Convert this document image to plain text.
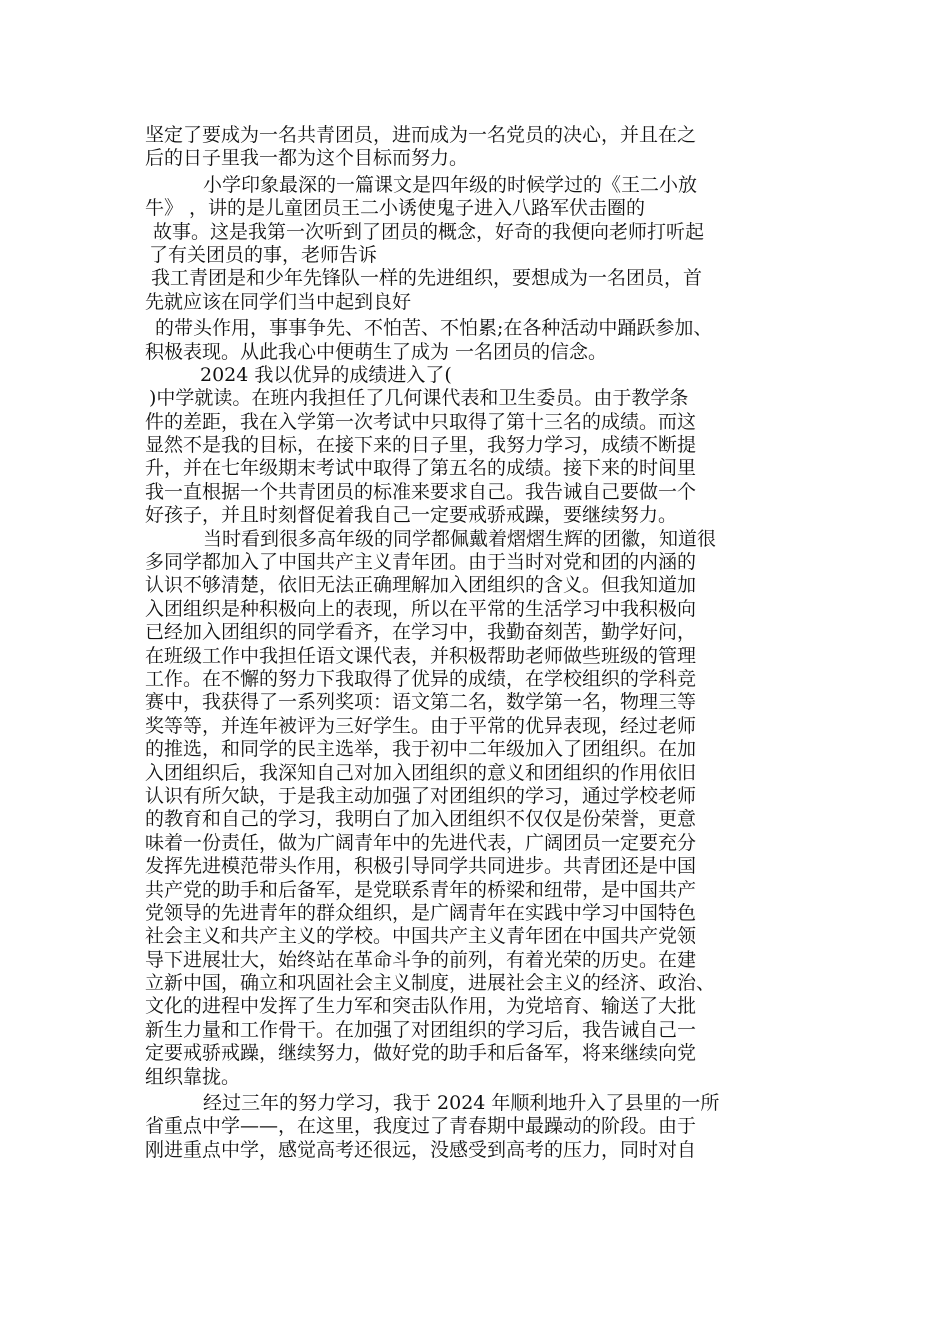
坚定了要成为一名共青团员，进而成为一名党员的决心，并且在之
后的日子里我一都为这个目标而努力。
小学印象最深的一篇课文是四年级的时候学过的《王二小放
牛》 ，讲的是儿童团员王二小诱使鬼子进入八路军伏击圈的
故事。这是我第一次听到了团员的概念，好奇的我便向老师打听起
了有关团员的事，老师告诉
我工青团是和少年先锋队一样的先进组织，要想成为一名团员，首
先就应该在同学们当中起到良好
的带头作用，事事争先、不怕苦、不怕累;在各种活动中踊跃参加、
积极表现。从此我心中便萌生了成为 一名团员的信念。
2024 我以优异的成绩进入了(
)中学就读。在班内我担任了几何课代表和卫生委员。由于教学条
件的差距，我在入学第一次考试中只取得了第十三名的成绩。而这
显然不是我的目标，在接下来的日子里，我努力学习，成绩不断提
升，并在七年级期末考试中取得了第五名的成绩。接下来的时间里
我一直根据一个共青团员的标准来要求自己。我告诫自己要做一个
好孩子，并且时刻督促着我自己一定要戒骄戒躁，要继续努力。
当时看到很多高年级的同学都佩戴着熠熠生辉的团徽，知道很
多同学都加入了中国共产主义青年团。由于当时对党和团的内涵的
认识不够清楚，依旧无法正确理解加入团组织的含义。但我知道加
入团组织是种积极向上的表现，所以在平常的生活学习中我积极向
已经加入团组织的同学看齐，在学习中，我勤奋刻苦，勤学好问，
在班级工作中我担任语文课代表，并积极帮助老师做些班级的管理
工作。在不懈的努力下我取得了优异的成绩，在学校组织的学科竞
赛中，我获得了一系列奖项：语文第二名，数学第一名，物理三等
奖等等，并连年被评为三好学生。由于平常的优异表现，经过老师
的推选，和同学的民主选举，我于初中二年级加入了团组织。在加
入团组织后，我深知自己对加入团组织的意义和团组织的作用依旧
认识有所欠缺，于是我主动加强了对团组织的学习，通过学校老师
的教育和自己的学习，我明白了加入团组织不仅仅是份荣誉，更意
味着一份责任，做为广阔青年中的先进代表，广阔团员一定要充分
发挥先进模范带头作用，积极引导同学共同进步。共青团还是中国
共产党的助手和后备军，是党联系青年的桥梁和纽带，是中国共产
党领导的先进青年的群众组织，是广阔青年在实践中学习中国特色
社会主义和共产主义的学校。中国共产主义青年团在中国共产党领
导下进展壮大，始终站在革命斗争的前列，有着光荣的历史。在建
立新中国，确立和巩固社会主义制度，进展社会主义的经济、政治、
文化的进程中发挥了生力军和突击队作用，为党培育、输送了大批
新生力量和工作骨干。在加强了对团组织的学习后，我告诫自己一
定要戒骄戒躁，继续努力，做好党的助手和后备军，将来继续向党
组织靠拢。
经过三年的努力学习，我于 2024 年顺利地升入了县里的一所
省重点中学——，在这里，我度过了青春期中最躁动的阶段。由于
刚进重点中学，感觉高考还很远，没感受到高考的压力，同时对自
